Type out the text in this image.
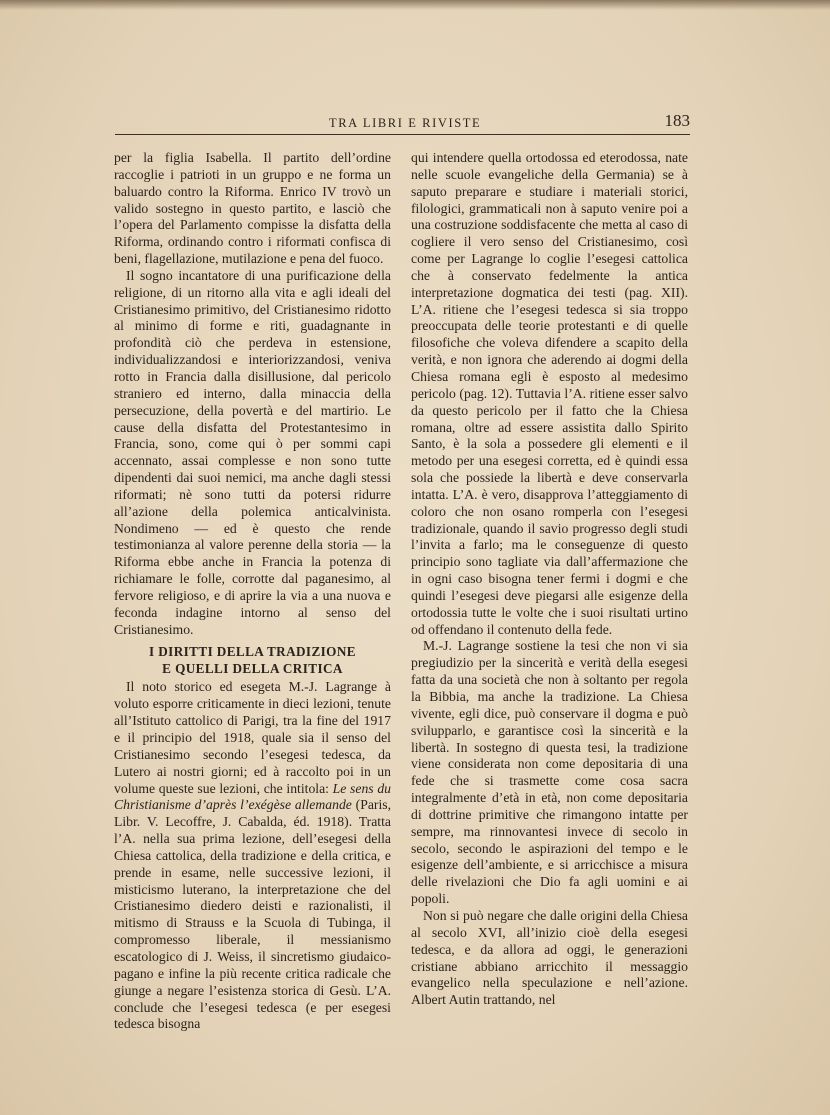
TRA LIBRI E RIVISTE	183

per la figlia Isabella. Il partito dell’ordine raccoglie i patrioti in un gruppo e ne forma un baluardo contro la Riforma. Enrico IV trovò un valido sostegno in questo partito, e lasciò che l’opera del Parlamento compisse la disfatta della Riforma, ordinando contro i riformati confisca di beni, flagellazione, mutilazione e pena del fuoco.

Il sogno incantatore di una purificazione della religione, di un ritorno alla vita e agli ideali del Cristianesimo primitivo, del Cristianesimo ridotto al minimo di forme e riti, guadagnante in profondità ciò che perdeva in estensione, individualizzandosi e interiorizzandosi, veniva rotto in Francia dalla disillusione, dal pericolo straniero ed interno, dalla minaccia della persecuzione, della povertà e del martirio. Le cause della disfatta del Protestantesimo in Francia, sono, come qui ò per sommi capi accennato, assai complesse e non sono tutte dipendenti dai suoi nemici, ma anche dagli stessi riformati; nè sono tutti da potersi ridurre all’azione della polemica anticalvinista. Nondimeno — ed è questo che rende testimonianza al valore perenne della storia — la Riforma ebbe anche in Francia la potenza di richiamare le folle, corrotte dal paganesimo, al fervore religioso, e di aprire la via a una nuova e feconda indagine intorno al senso del Cristianesimo.

I DIRITTI DELLA TRADIZIONE
E QUELLI DELLA CRITICA

Il noto storico ed esegeta M.-J. Lagrange à voluto esporre criticamente in dieci lezioni, tenute all’Istituto cattolico di Parigi, tra la fine del 1917 e il principio del 1918, quale sia il senso del Cristianesimo secondo l’esegesi tedesca, da Lutero ai nostri giorni; ed à raccolto poi in un volume queste sue lezioni, che intitola: Le sens du Christianisme d’après l’exégèse allemande (Paris, Libr. V. Lecoffre, J. Cabalda, éd. 1918). Tratta l’A. nella sua prima lezione, dell’esegesi della Chiesa cattolica, della tradizione e della critica, e prende in esame, nelle successive lezioni, il misticismo luterano, la interpretazione che del Cristianesimo diedero deisti e razionalisti, il mitismo di Strauss e la Scuola di Tubinga, il compromesso liberale, il messianismo escatologico di J. Weiss, il sincretismo giudaico-pagano e infine la più recente critica radicale che giunge a negare l’esistenza storica di Gesù. L’A. conclude che l’esegesi tedesca (e per esegesi tedesca bisogna

qui intendere quella ortodossa ed eterodossa, nate nelle scuole evangeliche della Germania) se à saputo preparare e studiare i materiali storici, filologici, grammaticali non à saputo venire poi a una costruzione soddisfacente che metta al caso di cogliere il vero senso del Cristianesimo, così come per Lagrange lo coglie l’esegesi cattolica che à conservato fedelmente la antica interpretazione dogmatica dei testi (pag. XII). L’A. ritiene che l’esegesi tedesca si sia troppo preoccupata delle teorie protestanti e di quelle filosofiche che voleva difendere a scapito della verità, e non ignora che aderendo ai dogmi della Chiesa romana egli è esposto al medesimo pericolo (pag. 12). Tuttavia l’A. ritiene esser salvo da questo pericolo per il fatto che la Chiesa romana, oltre ad essere assistita dallo Spirito Santo, è la sola a possedere gli elementi e il metodo per una esegesi corretta, ed è quindi essa sola che possiede la libertà e deve conservarla intatta. L’A. è vero, disapprova l’atteggiamento di coloro che non osano romperla con l’esegesi tradizionale, quando il savio progresso degli studi l’invita a farlo; ma le conseguenze di questo principio sono tagliate via dall’affermazione che in ogni caso bisogna tener fermi i dogmi e che quindi l’esegesi deve piegarsi alle esigenze della ortodossia tutte le volte che i suoi risultati urtino od offendano il contenuto della fede.

M.-J. Lagrange sostiene la tesi che non vi sia pregiudizio per la sincerità e verità della esegesi fatta da una società che non à soltanto per regola la Bibbia, ma anche la tradizione. La Chiesa vivente, egli dice, può conservare il dogma e può svilupparlo, e garantisce così la sincerità e la libertà. In sostegno di questa tesi, la tradizione viene considerata non come depositaria di una fede che si trasmette come cosa sacra integralmente d’età in età, non come depositaria di dottrine primitive che rimangono intatte per sempre, ma rinnovantesi invece di secolo in secolo, secondo le aspirazioni del tempo e le esigenze dell’ambiente, e si arricchisce a misura delle rivelazioni che Dio fa agli uomini e ai popoli.

Non si può negare che dalle origini della Chiesa al secolo XVI, all’inizio cioè della esegesi tedesca, e da allora ad oggi, le generazioni cristiane abbiano arricchito il messaggio evangelico nella speculazione e nell’azione. Albert Autin trattando, nel
